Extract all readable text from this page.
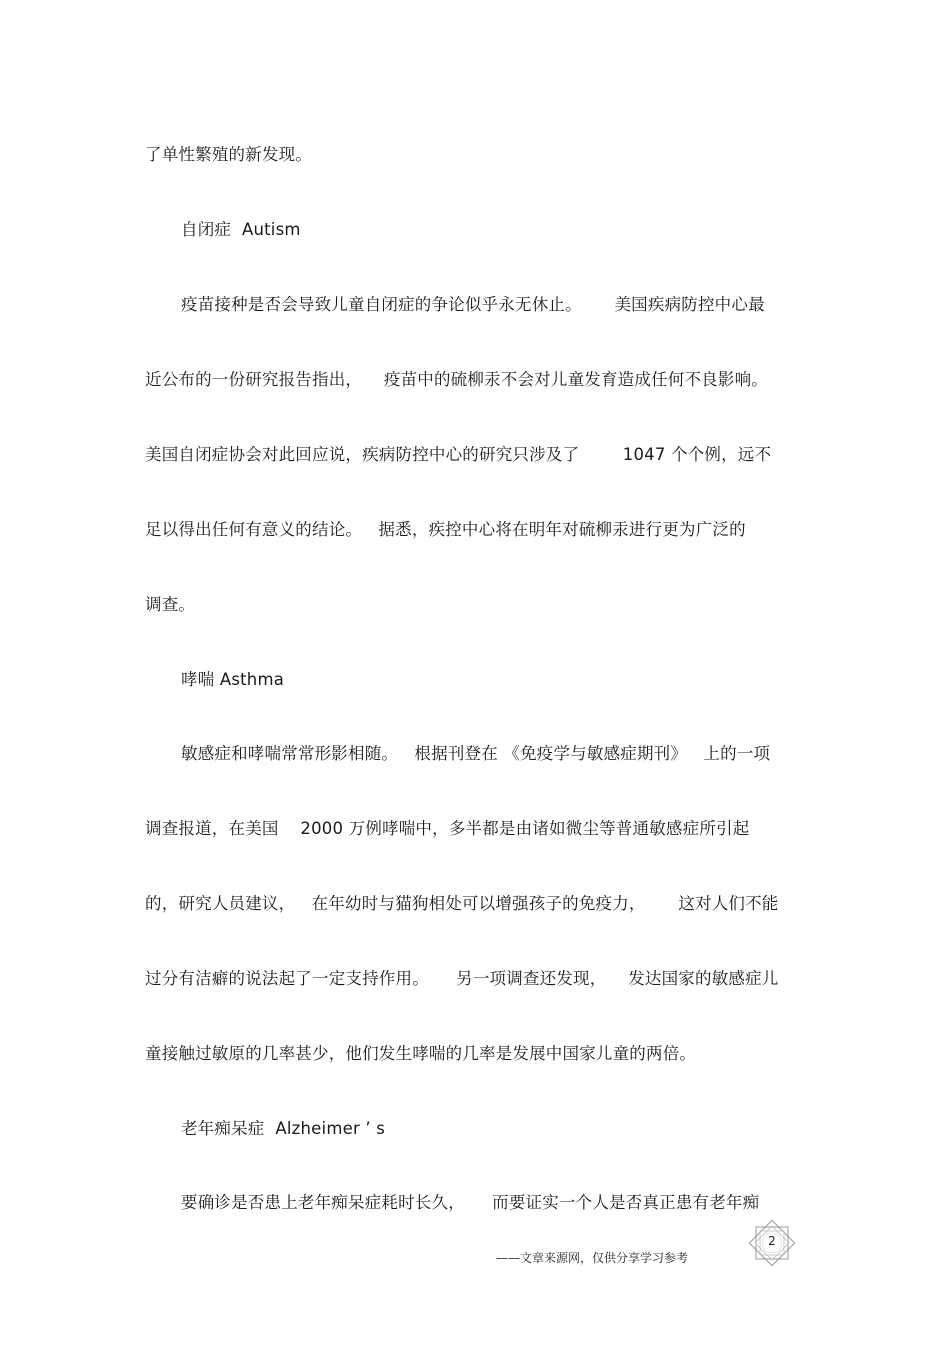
了单性繁殖的新发现。
自闭症  Autism
疫苗接种是否会导致儿童自闭症的争论似乎永无休止。      美国疾病防控中心最
近公布的一份研究报告指出，    疫苗中的硫柳汞不会对儿童发育造成任何不良影响。
美国自闭症协会对此回应说，疾病防控中心的研究只涉及了        1047 个个例，远不
足以得出任何有意义的结论。   据悉，疾控中心将在明年对硫柳汞进行更为广泛的
调查。
哮喘 Asthma
敏感症和哮喘常常形影相随。   根据刊登在 《免疫学与敏感症期刊》   上的一项
调查报道，在美国    2000 万例哮喘中，多半都是由诸如微尘等普通敏感症所引起
的，研究人员建议，   在年幼时与猫狗相处可以增强孩子的免疫力，      这对人们不能
过分有洁癖的说法起了一定支持作用。     另一项调查还发现，    发达国家的敏感症儿
童接触过敏原的几率甚少，他们发生哮喘的几率是发展中国家儿童的两倍。
老年痴呆症  Alzheimer ’ s
要确诊是否患上老年痴呆症耗时长久，     而要证实一个人是否真正患有老年痴
——文章来源网，仅供分享学习参考
2
